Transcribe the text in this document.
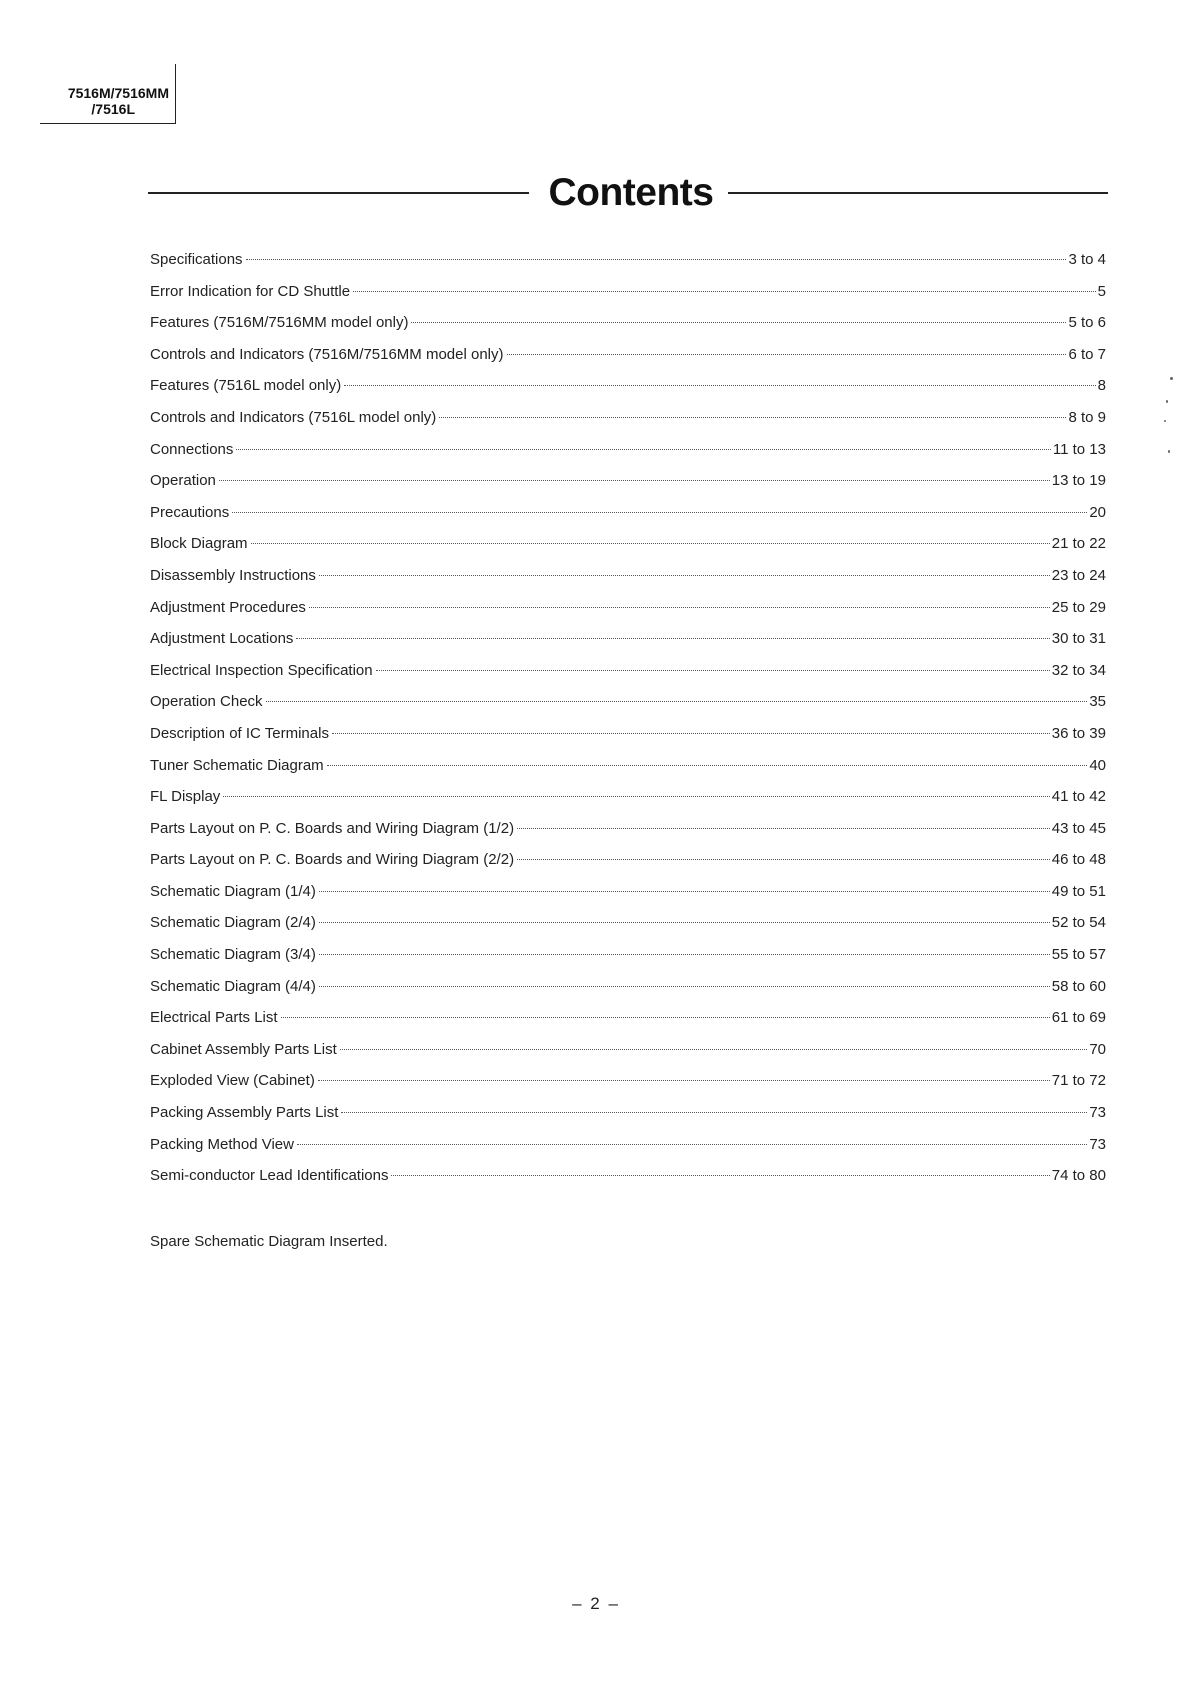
7516M/7516MM
/7516L
Contents
Specifications	3 to 4
Error Indication for CD Shuttle	5
Features (7516M/7516MM model only)	5 to 6
Controls and Indicators (7516M/7516MM model only)	6 to 7
Features (7516L model only)	8
Controls and Indicators (7516L model only)	8 to 9
Connections	11 to 13
Operation	13 to 19
Precautions	20
Block Diagram	21 to 22
Disassembly Instructions	23 to 24
Adjustment Procedures	25 to 29
Adjustment Locations	30 to 31
Electrical Inspection Specification	32 to 34
Operation Check	35
Description of IC Terminals	36 to 39
Tuner Schematic Diagram	40
FL Display	41 to 42
Parts Layout on P. C. Boards and Wiring Diagram (1/2)	43 to 45
Parts Layout on P. C. Boards and Wiring Diagram (2/2)	46 to 48
Schematic Diagram (1/4)	49 to 51
Schematic Diagram (2/4)	52 to 54
Schematic Diagram (3/4)	55 to 57
Schematic Diagram (4/4)	58 to 60
Electrical Parts List	61 to 69
Cabinet Assembly Parts List	70
Exploded View (Cabinet)	71 to 72
Packing Assembly Parts List	73
Packing Method View	73
Semi-conductor Lead Identifications	74 to 80
Spare Schematic Diagram Inserted.
– 2 –
